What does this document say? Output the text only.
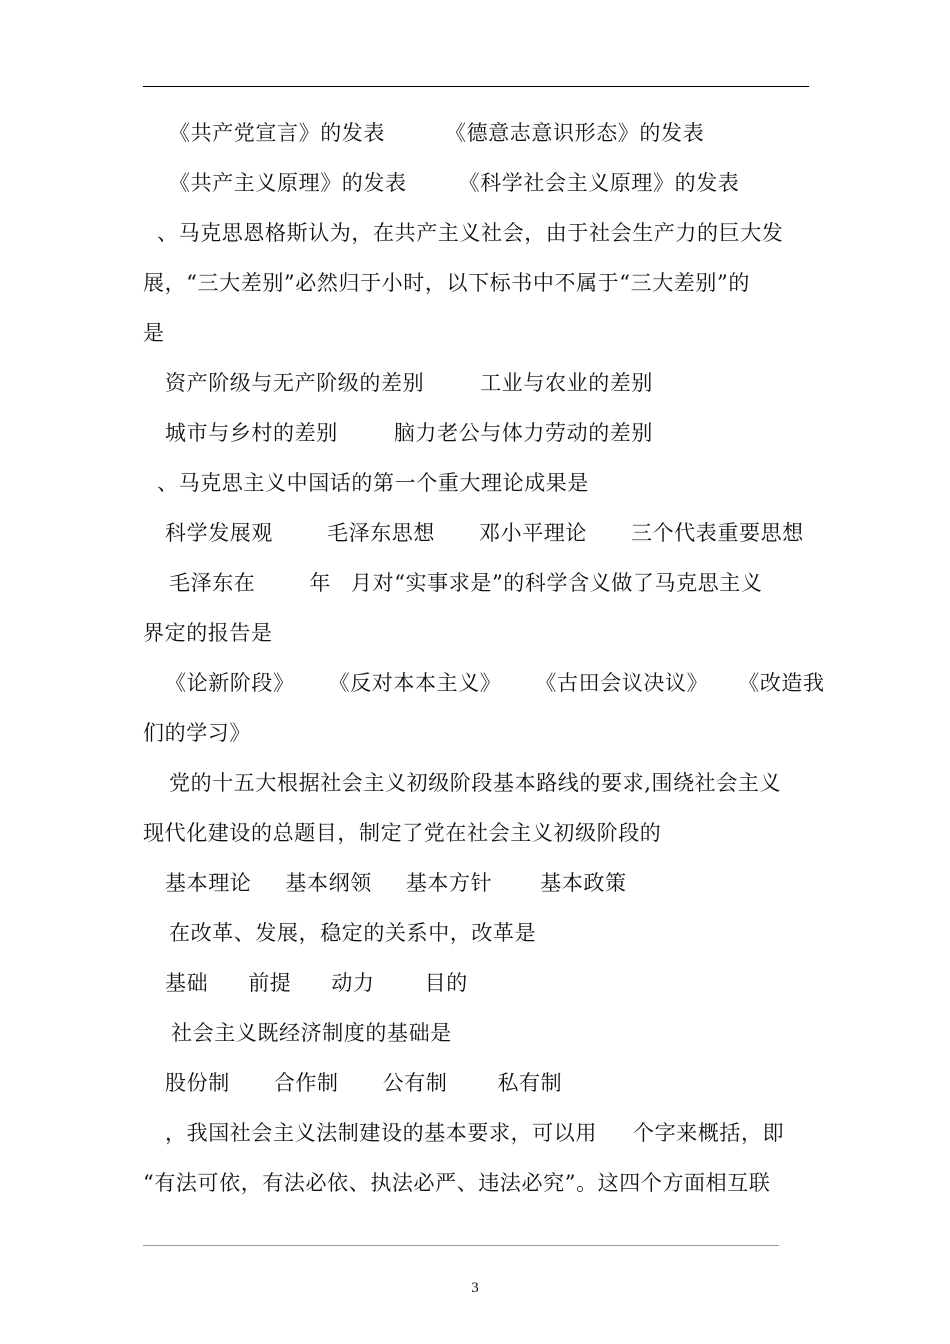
《共产党宣言》的发表	《德意志意识形态》的发表
《共产主义原理》的发表 《科学社会主义原理》的发表
、马克思恩格斯认为，在共产主义社会，由于社会生产力的巨大发
展，“三大差别”必然归于小时，以下标书中不属于“三大差别”的
是
资产阶级与无产阶级的差别	工业与农业的差别
城市与乡村的差别	脑力老公与体力劳动的差别
、马克思主义中国话的第一个重大理论成果是
科学发展观	毛泽东思想 邓小平理论 三个代表重要思想
毛泽东在	年 月对“实事求是”的科学含义做了马克思主义
界定的报告是
《论新阶段》 《反对本本主义》 《古田会议决议》 《改造我
们的学习》
党的十五大根据社会主义初级阶段基本路线的要求,围绕社会主义
现代化建设的总题目，制定了党在社会主义初级阶段的
基本理论 基本纲领 基本方针 基本政策
在改革、发展，稳定的关系中，改革是
基础 前提 动力 目的
社会主义既经济制度的基础是
股份制 合作制 公有制 私有制
，我国社会主义法制建设的基本要求，可以用 个字来概括，即
“有法可依，有法必依、执法必严、违法必究”。这四个方面相互联
3
